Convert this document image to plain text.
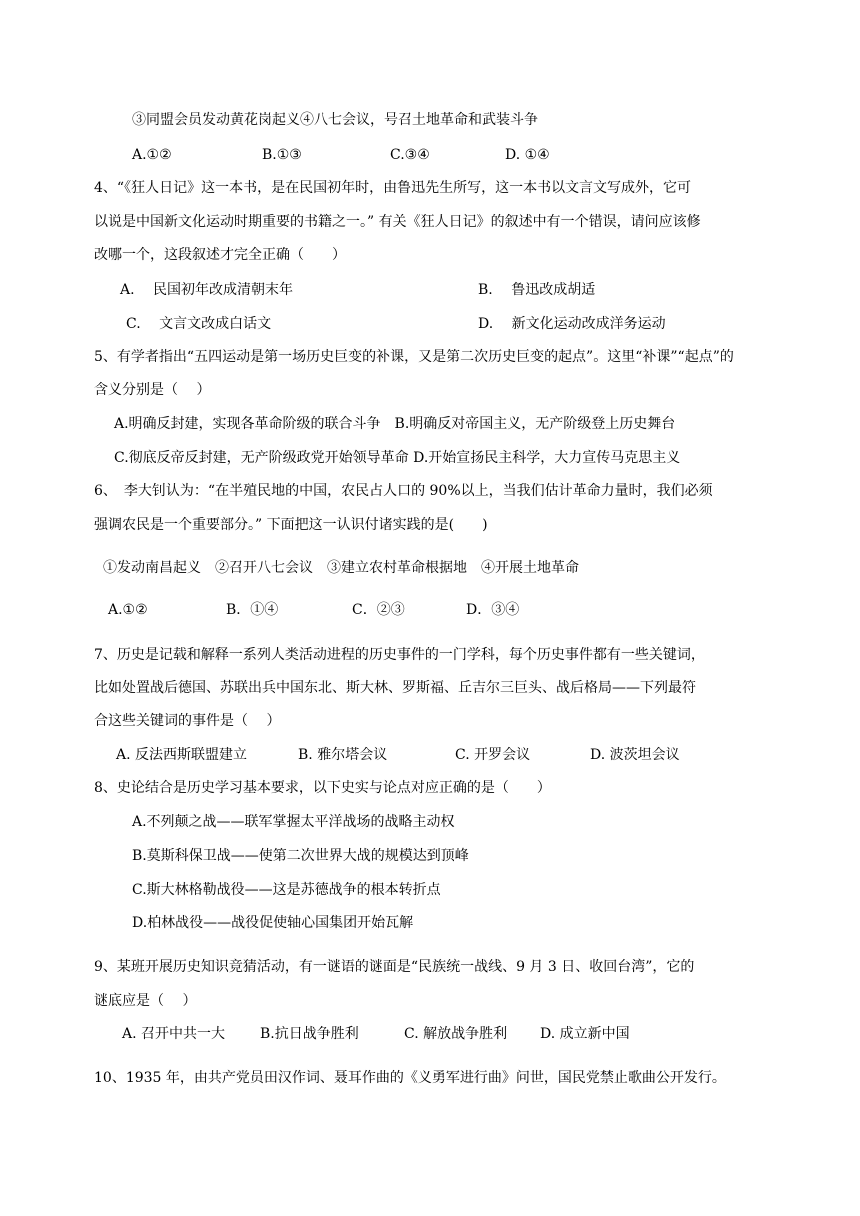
③同盟会员发动黄花岗起义④八七会议，号召土地革命和武装斗争
A.①②	B.①③	C.③④	D. ①④
4、“《狂人日记》这一本书，是在民国初年时，由鲁迅先生所写，这一本书以文言文写成外，它可
以说是中国新文化运动时期重要的书籍之一。” 有关《狂人日记》的叙述中有一个错误，请问应该修
改哪一个，这段叙述才完全正确（　　）
A.　 民国初年改成清朝末年	B.　 鲁迅改成胡适
C.　 文言文改成白话文	D.　 新文化运动改成洋务运动
5、有学者指出“五四运动是第一场历史巨变的补课，又是第二次历史巨变的起点”。这里“补课”“起点”的
含义分别是（　 ）
A.明确反封建，实现各革命阶级的联合斗争　B.明确反对帝国主义，无产阶级登上历史舞台
C.彻底反帝反封建，无产阶级政党开始领导革命 D.开始宣扬民主科学，大力宣传马克思主义
6、　李大钊认为：“在半殖民地的中国，农民占人口的 90%以上，当我们估计革命力量时，我们必须
强调农民是一个重要部分。” 下面把这一认识付诸实践的是(　　)
①发动南昌起义　②召开八七会议　③建立农村革命根据地　④开展土地革命
A.①②	B．①④	C．②③	D．③④
7、历史是记载和解释一系列人类活动进程的历史事件的一门学科，每个历史事件都有一些关键词，
比如处置战后德国、苏联出兵中国东北、斯大林、罗斯福、丘吉尔三巨头、战后格局——下列最符
合这些关键词的事件是（　 ）
A. 反法西斯联盟建立	B. 雅尔塔会议	C. 开罗会议	D. 波茨坦会议
8、史论结合是历史学习基本要求，以下史实与论点对应正确的是（　　）
A.不列颠之战——联军掌握太平洋战场的战略主动权
B.莫斯科保卫战——使第二次世界大战的规模达到顶峰
C.斯大林格勒战役——这是苏德战争的根本转折点
D.柏林战役——战役促使轴心国集团开始瓦解
9、某班开展历史知识竞猜活动，有一谜语的谜面是“民族统一战线、9 月 3 日、收回台湾”，它的
谜底应是（　 ）
A. 召开中共一大 B.抗日战争胜利	C. 解放战争胜利 D. 成立新中国
10、1935 年，由共产党员田汉作词、聂耳作曲的《义勇军进行曲》问世，国民党禁止歌曲公开发行。
